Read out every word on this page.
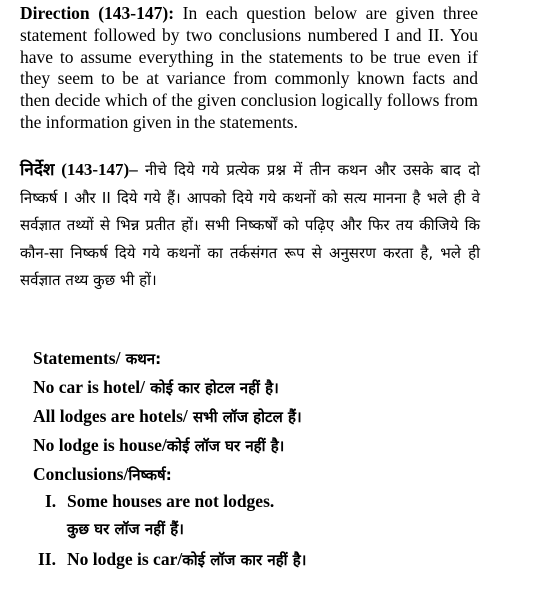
Direction (143-147): In each question below are given three statement followed by two conclusions numbered I and II. You have to assume everything in the statements to be true even if they seem to be at variance from commonly known facts and then decide which of the given conclusion logically follows from the information given in the statements.
निर्देश (143-147)– नीचे दिये गये प्रत्येक प्रश्न में तीन कथन और उसके बाद दो निष्कर्ष I और II दिये गये हैं। आपको दिये गये कथनों को सत्य मानना है भले ही वे सर्वज्ञात तथ्यों से भिन्न प्रतीत हों। सभी निष्कर्षों को पढ़िए और फिर तय कीजिये कि कौन-सा निष्कर्ष दिये गये कथनों का तर्कसंगत रूप से अनुसरण करता है, भले ही सर्वज्ञात तथ्य कुछ भी हों।
Statements/ कथन:
No car is hotel/ कोई कार होटल नहीं है।
All lodges are hotels/ सभी लॉज होटल हैं।
No lodge is house/कोई लॉज घर नहीं है।
Conclusions/निष्कर्ष:
I. Some houses are not lodges.
कुछ घर लॉज नहीं हैं।
II. No lodge is car/कोई लॉज कार नहीं है।
